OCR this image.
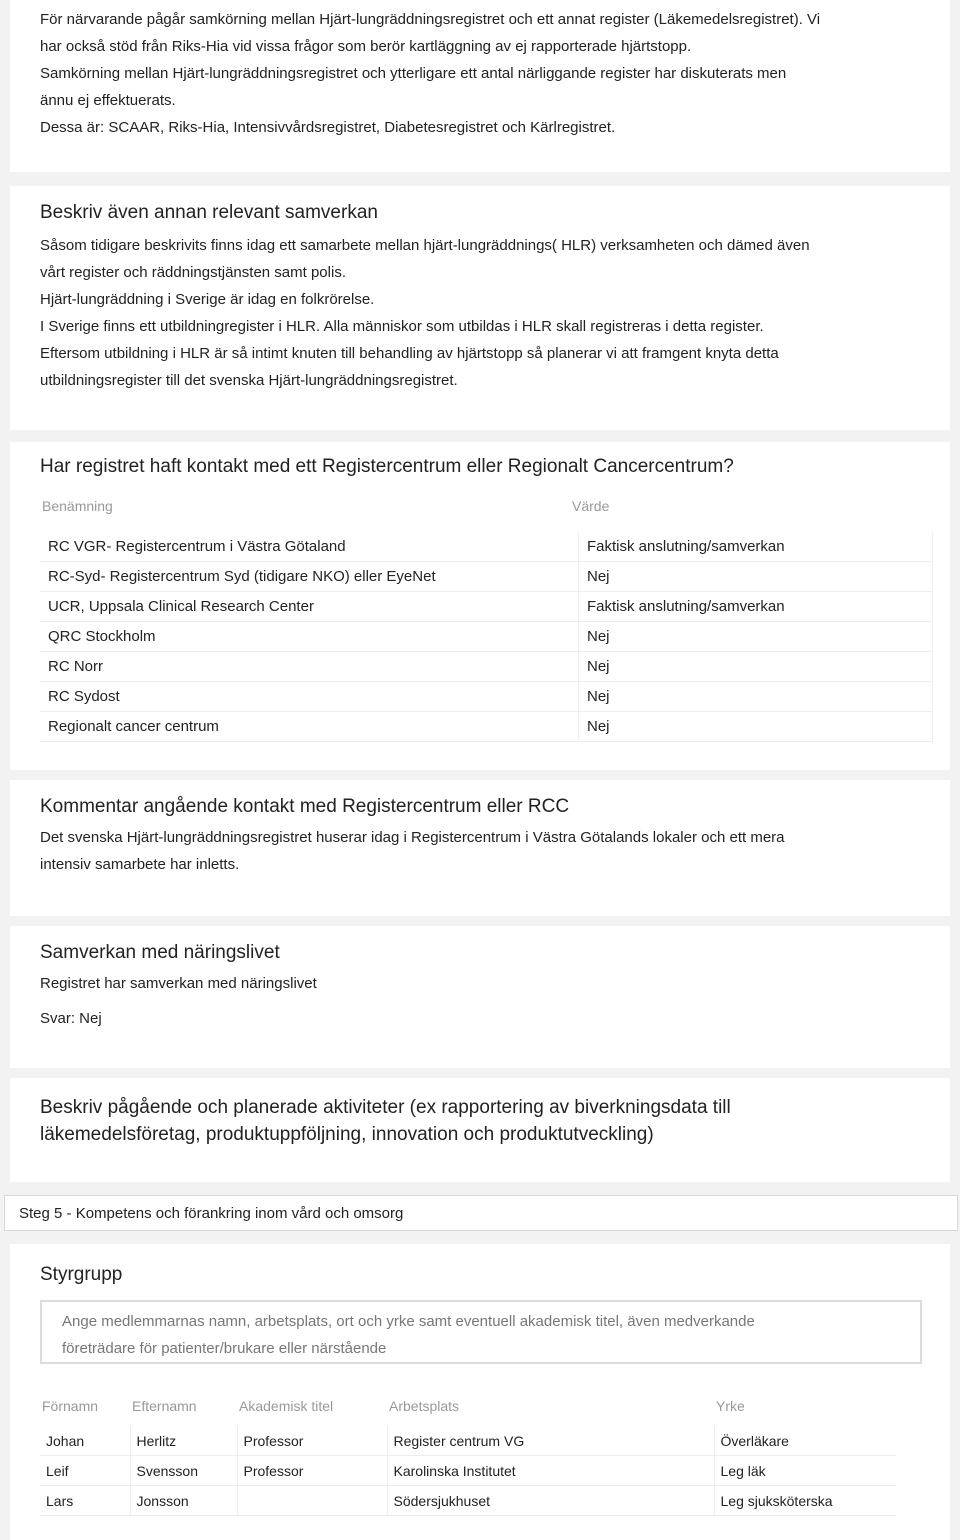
För närvarande pågår samkörning mellan Hjärt-lungräddningsregistret och ett annat register (Läkemedelsregistret). Vi
har också stöd från Riks-Hia vid vissa frågor som berör kartläggning av ej rapporterade hjärtstopp.
Samkörning mellan Hjärt-lungräddningsregistret och ytterligare ett antal närliggande register har diskuterats men
ännu ej effektuerats.
Dessa är: SCAAR, Riks-Hia, Intensivvårdsregistret, Diabetesregistret och Kärlregistret.
Beskriv även annan relevant samverkan
Såsom tidigare beskrivits finns idag ett samarbete mellan hjärt-lungräddnings( HLR) verksamheten och dämed även
vårt register och räddningstjänsten samt polis.
Hjärt-lungräddning i Sverige är idag en folkrörelse.
I Sverige finns ett utbildningregister i HLR. Alla människor som utbildas i HLR skall registreras i detta register.
Eftersom utbildning i HLR är så intimt knuten till behandling av hjärtstopp så planerar vi att framgent knyta detta
utbildningsregister till det svenska Hjärt-lungräddningsregistret.
Har registret haft kontakt med ett Registercentrum eller Regionalt Cancercentrum?
Benämning	Värde
RC VGR- Registercentrum i Västra Götaland	Faktisk anslutning/samverkan
RC-Syd- Registercentrum Syd (tidigare NKO) eller EyeNet	Nej
UCR, Uppsala Clinical Research Center	Faktisk anslutning/samverkan
QRC Stockholm	Nej
RC Norr	Nej
RC Sydost	Nej
Regionalt cancer centrum	Nej
Kommentar angående kontakt med Registercentrum eller RCC
Det svenska Hjärt-lungräddningsregistret huserar idag i Registercentrum i Västra Götalands lokaler och ett mera
intensiv samarbete har inletts.
Samverkan med näringslivet
Registret har samverkan med näringslivet
Svar: Nej
Beskriv pågående och planerade aktiviteter (ex rapportering av biverkningsdata till
läkemedelsföretag, produktuppföljning, innovation och produktutveckling)
Steg 5 - Kompetens och förankring inom vård och omsorg
Styrgrupp
Ange medlemmarnas namn, arbetsplats, ort och yrke samt eventuell akademisk titel, även medverkande
företrädare för patienter/brukare eller närstående
Förnamn	Efternamn	Akademisk titel	Arbetsplats	Yrke

Johan	Herlitz	Professor	Register centrum VG	Överläkare
Leif	Svensson	Professor	Karolinska Institutet	Leg läk
Lars	Jonsson		Södersjukhuset	Leg sjuksköterska
